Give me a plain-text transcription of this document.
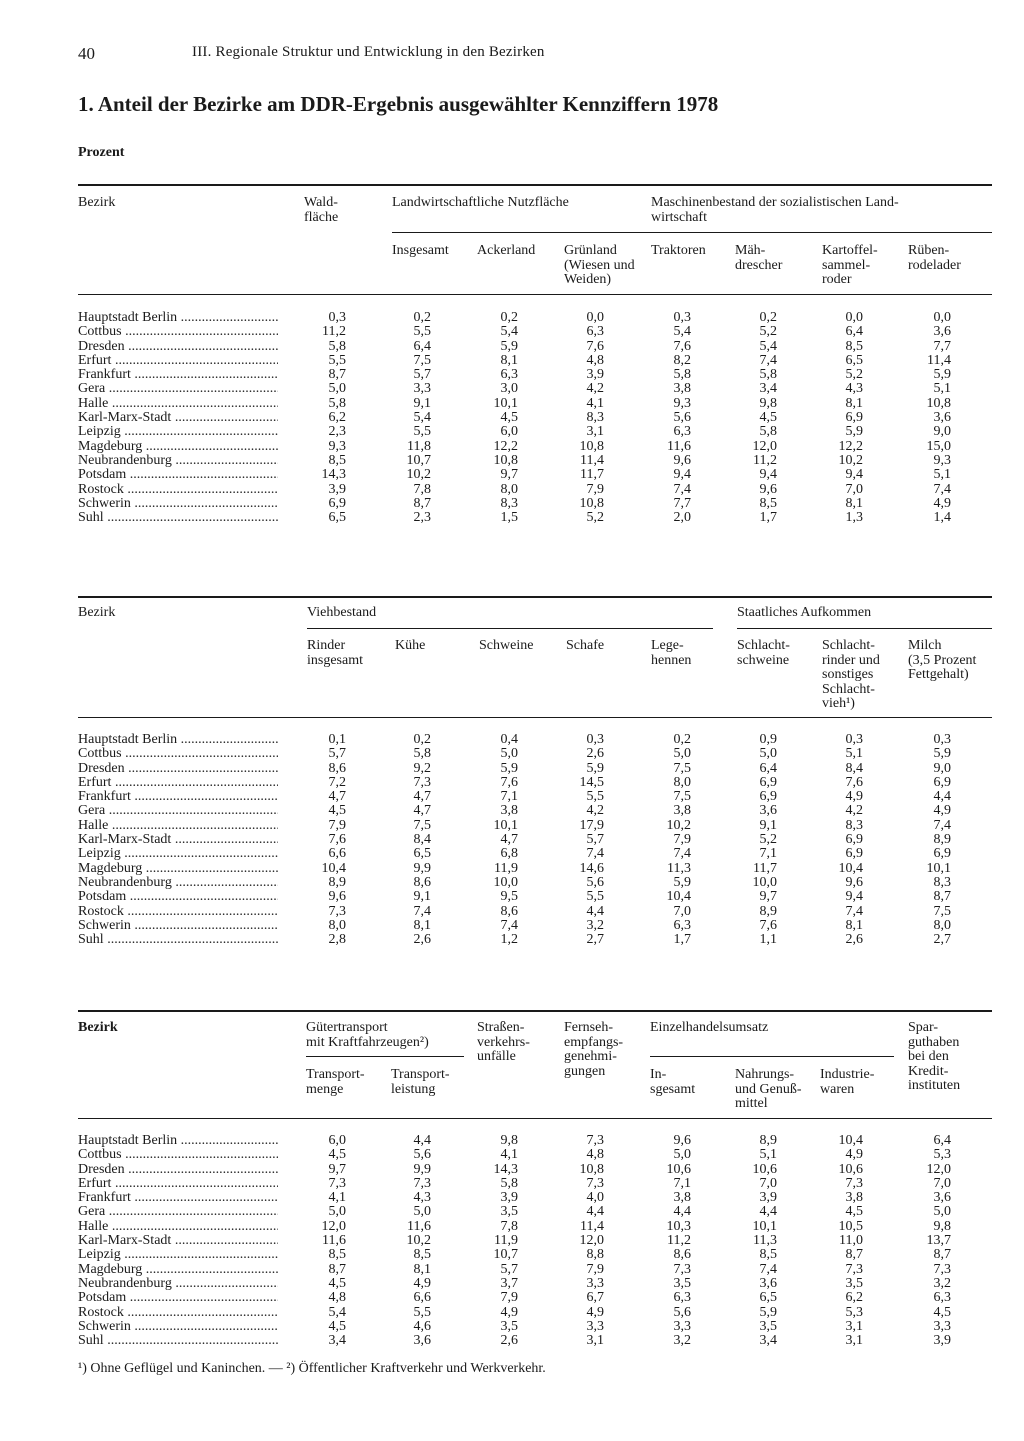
40	III. Regionale Struktur und Entwicklung in den Bezirken
1. Anteil der Bezirke am DDR-Ergebnis ausgewählter Kennziffern 1978
Prozent
Bezirk	Wald-
fläche
Landwirtschaftliche Nutzfläche	Maschinenbestand der sozialistischen Land-
wirtschaft
Insgesamt Ackerland Grünland
(Wiesen und
Weiden)
Traktoren Mäh-
drescher
Kartoffel-
sammel-
roder
Rüben-
rodelader
Hauptstadt Berlin .....	0,3	0,2	0,2	0,0	0,3	0,2	0,0	0,0
Cottbus .....	11,2	5,5	5,4	6,3	5,4	5,2	6,4	3,6
Dresden .....	5,8	6,4	5,9	7,6	7,6	5,4	8,5	7,7
Erfurt .....	5,5	7,5	8,1	4,8	8,2	7,4	6,5	11,4
Frankfurt .....	8,7	5,7	6,3	3,9	5,8	5,8	5,2	5,9
Gera .....	5,0	3,3	3,0	4,2	3,8	3,4	4,3	5,1
Halle .....	5,8	9,1	10,1	4,1	9,3	9,8	8,1	10,8
Karl-Marx-Stadt .....	6,2	5,4	4,5	8,3	5,6	4,5	6,9	3,6
Leipzig .....	2,3	5,5	6,0	3,1	6,3	5,8	5,9	9,0
Magdeburg .....	9,3	11,8	12,2	10,8	11,6	12,0	12,2	15,0
Neubrandenburg .....	8,5	10,7	10,8	11,4	9,6	11,2	10,2	9,3
Potsdam .....	14,3	10,2	9,7	11,7	9,4	9,4	9,4	5,1
Rostock .....	3,9	7,8	8,0	7,9	7,4	9,6	7,0	7,4
Schwerin .....	6,9	8,7	8,3	10,8	7,7	8,5	8,1	4,9
Suhl .....	6,5	2,3	1,5	5,2	2,0	1,7	1,3	1,4
Bezirk	Viehbestand	Staatliches Aufkommen
Rinder
insgesamt
Kühe	Schweine Schafe	Lege-
hennen
Schlacht-
schweine
Schlacht-
rinder und
sonstiges
Schlacht-
vieh¹)
Milch
(3,5 Prozent
Fettgehalt)
Hauptstadt Berlin .....	0,1	0,2	0,4	0,3	0,2	0,9	0,3	0,3
Cottbus .....	5,7	5,8	5,0	2,6	5,0	5,0	5,1	5,9
Dresden .....	8,6	9,2	5,9	5,9	7,5	6,4	8,4	9,0
Erfurt .....	7,2	7,3	7,6	14,5	8,0	6,9	7,6	6,9
Frankfurt .....	4,7	4,7	7,1	5,5	7,5	6,9	4,9	4,4
Gera .....	4,5	4,7	3,8	4,2	3,8	3,6	4,2	4,9
Halle .....	7,9	7,5	10,1	17,9	10,2	9,1	8,3	7,4
Karl-Marx-Stadt .....	7,6	8,4	4,7	5,7	7,9	5,2	6,9	8,9
Leipzig .....	6,6	6,5	6,8	7,4	7,4	7,1	6,9	6,9
Magdeburg .....	10,4	9,9	11,9	14,6	11,3	11,7	10,4	10,1
Neubrandenburg .....	8,9	8,6	10,0	5,6	5,9	10,0	9,6	8,3
Potsdam .....	9,6	9,1	9,5	5,5	10,4	9,7	9,4	8,7
Rostock .....	7,3	7,4	8,6	4,4	7,0	8,9	7,4	7,5
Schwerin .....	8,0	8,1	7,4	3,2	6,3	7,6	8,1	8,0
Suhl .....	2,8	2,6	1,2	2,7	1,7	1,1	2,6	2,7
Bezirk	Gütertransport
mit Kraftfahrzeugen²)
Transport-
menge
Transport-
leistung
Straßen-
verkehrs-
unfälle
Fernseh-
empfangs-
genehmi-
gungen
Einzelhandelsumsatz
In-
sgesamt
Nahrungs-
und Genuß-
mittel
Industrie-
waren
Spar-
guthaben
bei den
Kredit-
instituten
Hauptstadt Berlin .....	6,0	4,4	9,8	7,3	9,6	8,9	10,4	6,4
Cottbus .....	4,5	5,6	4,1	4,8	5,0	5,1	4,9	5,3
Dresden .....	9,7	9,9	14,3	10,8	10,6	10,6	10,6	12,0
Erfurt .....	7,3	7,3	5,8	7,3	7,1	7,0	7,3	7,0
Frankfurt .....	4,1	4,3	3,9	4,0	3,8	3,9	3,8	3,6
Gera .....	5,0	5,0	3,5	4,4	4,4	4,4	4,5	5,0
Halle .....	12,0	11,6	7,8	11,4	10,3	10,1	10,5	9,8
Karl-Marx-Stadt .....	11,6	10,2	11,9	12,0	11,2	11,3	11,0	13,7
Leipzig .....	8,5	8,5	10,7	8,8	8,6	8,5	8,7	8,7
Magdeburg .....	8,7	8,1	5,7	7,9	7,3	7,4	7,3	7,3
Neubrandenburg .....	4,5	4,9	3,7	3,3	3,5	3,6	3,5	3,2
Potsdam .....	4,8	6,6	7,9	6,7	6,3	6,5	6,2	6,3
Rostock .....	5,4	5,5	4,9	4,9	5,6	5,9	5,3	4,5
Schwerin .....	4,5	4,6	3,5	3,3	3,3	3,5	3,1	3,3
Suhl .....	3,4	3,6	2,6	3,1	3,2	3,4	3,1	3,9
¹) Ohne Geflügel und Kaninchen. — ²) Öffentlicher Kraftverkehr und Werkverkehr.
